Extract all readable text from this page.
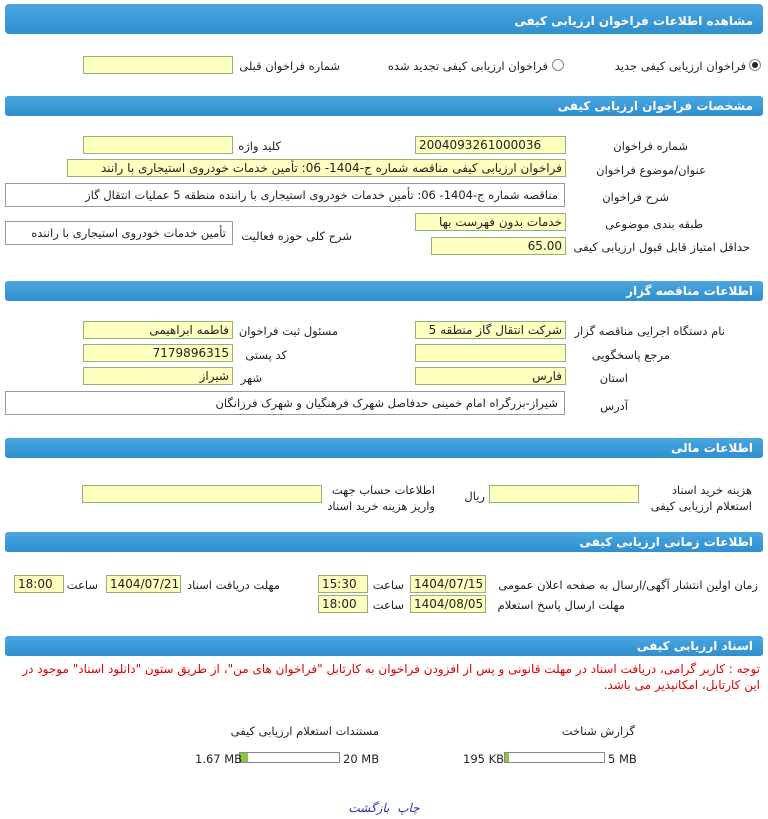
مشاهده اطلاعات فراخوان ارزیابی کیفی
فراخوان ارزیابی کیفی جدید
فراخوان ارزیابی کیفی تجدید شده
شماره فراخوان قبلی
مشخصات فراخوان ارزیابی کیفی
شماره فراخوان
2004093261000036
کلید واژه
عنوان/موضوع فراخوان
فراخوان ارزیابی کیفی مناقصه شماره ج-1404- 06: تأمین خدمات خودروی استیجاری با رانند
شرح فراخوان
مناقصه شماره ج-1404- 06: تأمین خدمات خودروی استیجاری با راننده منطقه 5 عملیات انتقال گاز
طبقه بندی موضوعی
خدمات بدون فهرست بها
شرح کلی حوزه فعالیت
تأمین خدمات خودروی استیجاری با راننده
حداقل امتیاز قابل قبول ارزیابی کیفی
65.00
اطلاعات مناقصه گزار
نام دستگاه اجرایی مناقصه گزار
شرکت انتقال گاز منطقه 5
مسئول ثبت فراخوان
فاطمه ابراهیمی
مرجع پاسخگویی
کد پستی
7179896315
استان
فارس
شهر
شیراز
آدرس
شیراز-بزرگراه امام خمینی حدفاصل شهرک فرهنگیان و شهرک فرزانگان
اطلاعات مالی
هزینه خرید اسناد استعلام ارزیابی کیفی
ریال
اطلاعات حساب جهت واریز هزینه خرید اسناد
اطلاعات زمانی ارزیابی کیفی
زمان اولین انتشار آگهی/ارسال به صفحه اعلان عمومی
1404/07/15
ساعت
15:30
مهلت دریافت اسناد
1404/07/21
ساعت
18:00
مهلت ارسال پاسخ استعلام
1404/08/05
ساعت
18:00
اسناد ارزیابی کیفی
توجه : کاربر گرامی، دریافت اسناد در مهلت قانونی و پس از افزودن فراخوان به کارتابل "فراخوان های من"، از طریق ستون "دانلود اسناد" موجود در این کارتابل، امکانپذیر می باشد.
گزارش شناخت
5 MB
195 KB
مستندات استعلام ارزیابی کیفی
20 MB
1.67 MB
چاپ بازگشت
